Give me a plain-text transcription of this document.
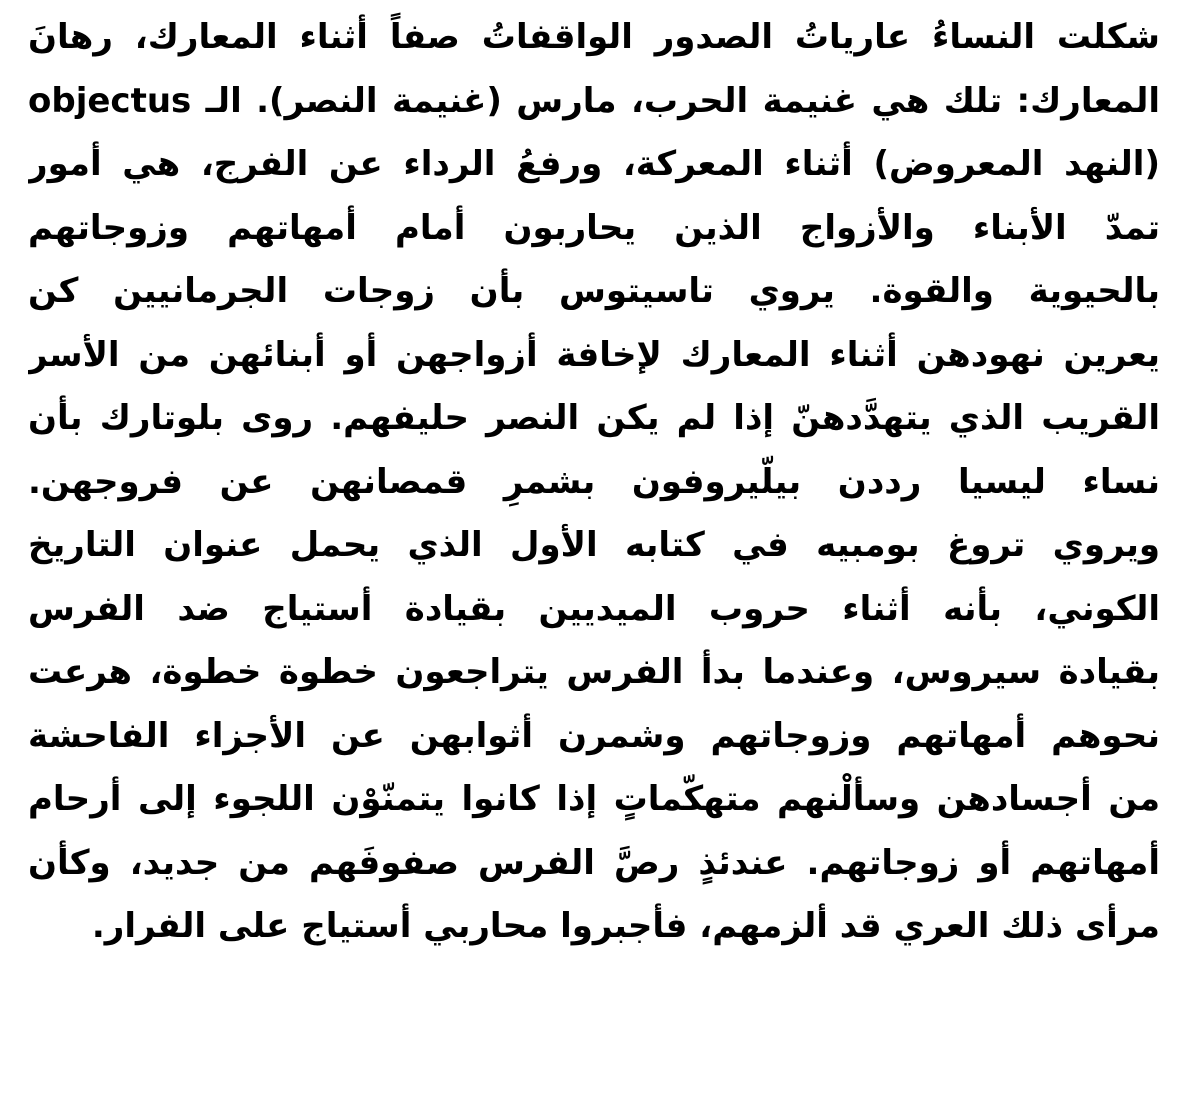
شكلت النساءُ عارياتُ الصدور الواقفاتُ صفاً أثناء المعارك، رهانَ
المعارك: تلك هي غنيمة الحرب، مارس (غنيمة النصر). الـ objectus
(النهد المعروض) أثناء المعركة، ورفعُ الرداء عن الفرج، هي أمور
تمدّ الأبناء والأزواج الذين يحاربون أمام أمهاتهم وزوجاتهم
بالحيوية والقوة. يروي تاسيتوس بأن زوجات الجرمانيين كن
يعرين نهودهن أثناء المعارك لإخافة أزواجهن أو أبنائهن من الأسر
القريب الذي يتهدَّدهنّ إذا لم يكن النصر حليفهم. روى بلوتارك بأن
نساء ليسيا رددن بيلّيروفون بشمرِ قمصانهن عن فروجهن.
ويروي تروغ بومبيه في كتابه الأول الذي يحمل عنوان التاريخ
الكوني، بأنه أثناء حروب الميديين بقيادة أستياج ضد الفرس
بقيادة سيروس، وعندما بدأ الفرس يتراجعون خطوة خطوة، هرعت
نحوهم أمهاتهم وزوجاتهم وشمرن أثوابهن عن الأجزاء الفاحشة
من أجسادهن وسألْنهم متهكّماتٍ إذا كانوا يتمنّوْن اللجوء إلى أرحام
أمهاتهم أو زوجاتهم. عندئذٍ رصَّ الفرس صفوفَهم من جديد، وكأن
مرأى ذلك العري قد ألزمهم، فأجبروا محاربي أستياج على الفرار.
